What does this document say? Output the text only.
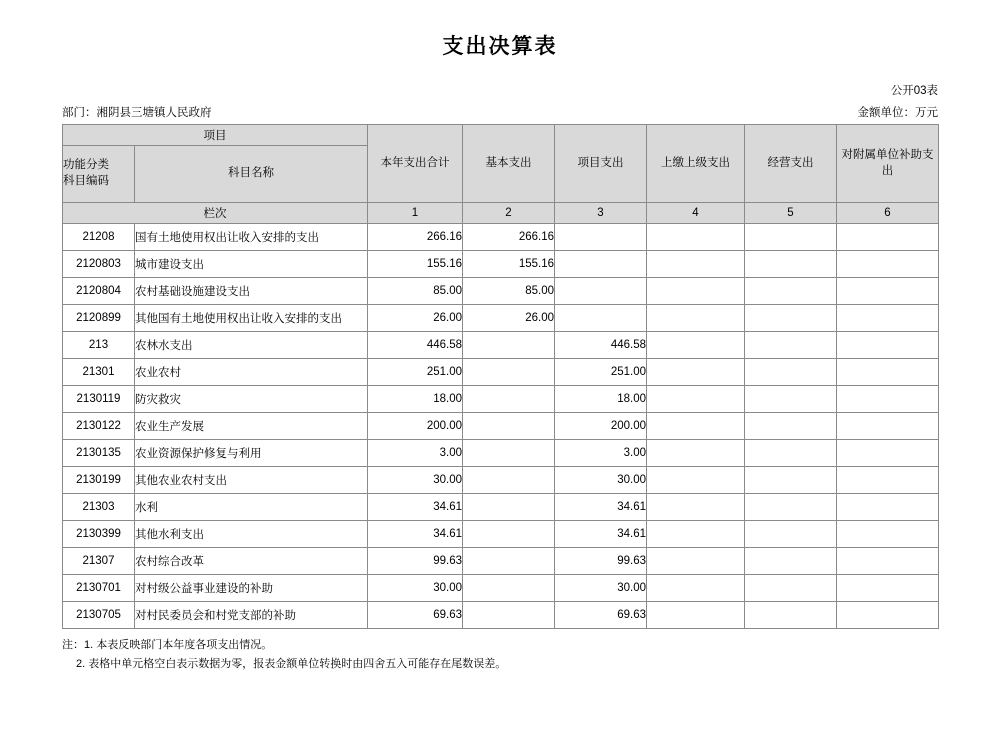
支出决算表
公开03表
部门：湘阴县三塘镇人民政府	金额单位：万元
项目		本年支出合计	基本支出	项目支出	上缴上级支出	经营支出	对附属单位补助支出

功能分类
科目编码	科目名称						
栏次		1	2	3	4	5	6
21208	国有土地使用权出让收入安排的支出	266.16	266.16				
2120803	城市建设支出	155.16	155.16				
2120804	农村基础设施建设支出	85.00	85.00				
2120899	其他国有土地使用权出让收入安排的支出	26.00	26.00				
213	农林水支出	446.58		446.58			
21301	农业农村	251.00		251.00			
2130119	防灾救灾	18.00		18.00			
2130122	农业生产发展	200.00		200.00			
2130135	农业资源保护修复与利用	3.00		3.00			
2130199	其他农业农村支出	30.00		30.00			
21303	水利	34.61		34.61			
2130399	其他水利支出	34.61		34.61			
21307	农村综合改革	99.63		99.63			
2130701	对村级公益事业建设的补助	30.00		30.00			
2130705	对村民委员会和村党支部的补助	69.63		69.63			
注：1. 本表反映部门本年度各项支出情况。
2. 表格中单元格空白表示数据为零，报表金额单位转换时由四舍五入可能存在尾数误差。
